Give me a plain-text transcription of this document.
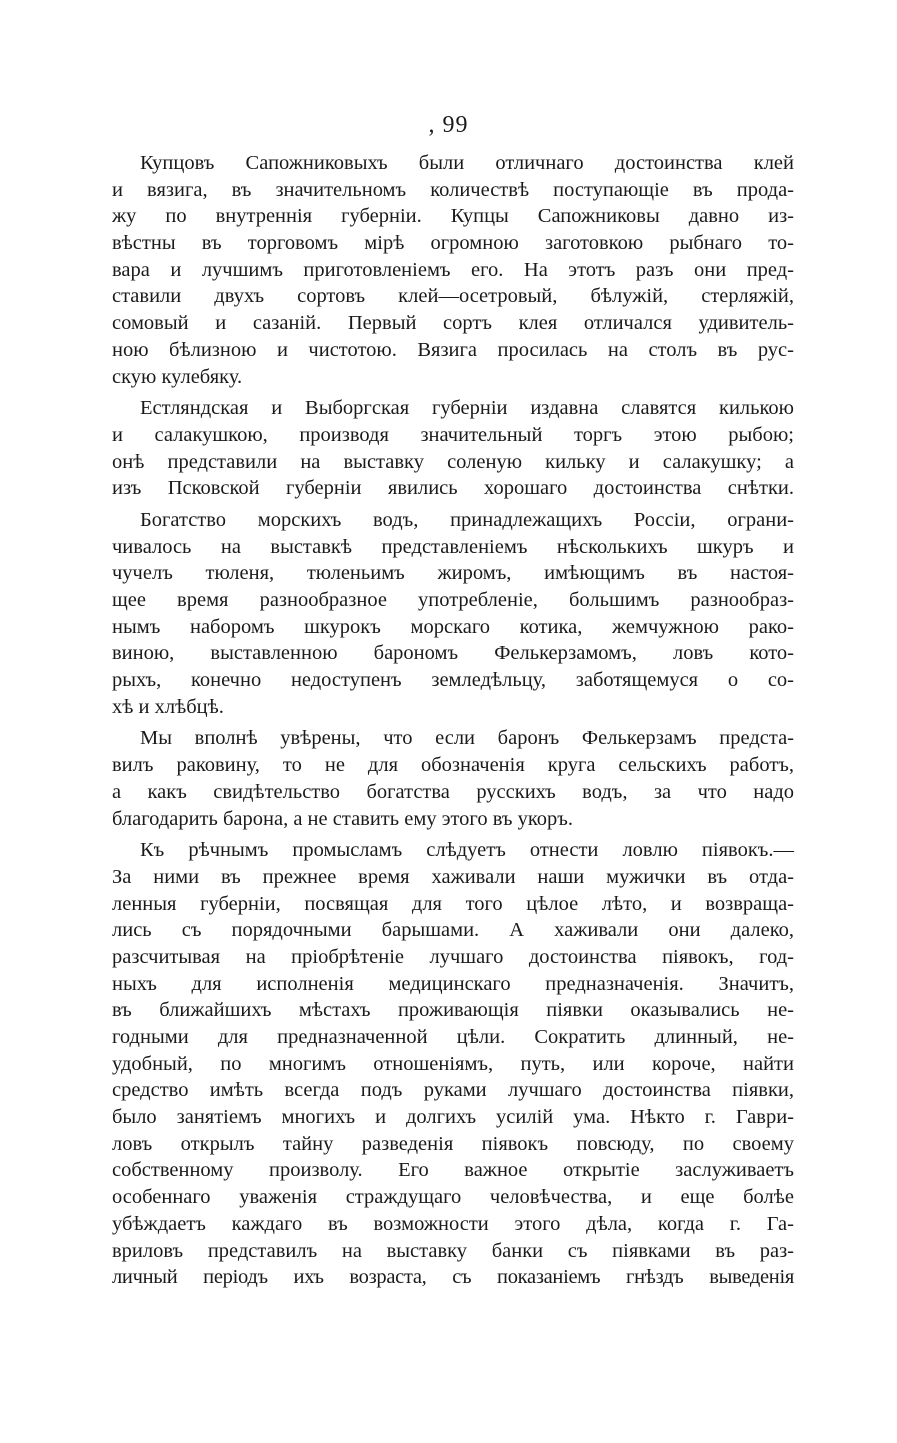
, 99
Купцовъ Сапожниковыхъ были отличнаго достоинства клей
и вязига, въ значительномъ количествѣ поступающіе въ прода-
жу по внутреннія губерніи. Купцы Сапожниковы давно из-
вѣстны въ торговомъ мірѣ огромною заготовкою рыбнаго то-
вара и лучшимъ приготовленіемъ его. На этотъ разъ они пред-
ставили двухъ сортовъ клей—осетровый, бѣлужій, стерляжій,
сомовый и сазаній. Первый сортъ клея отличался удивитель-
ною бѣлизною и чистотою. Вязига просилась на столъ въ рус-
скую кулебяку.
Естляндская и Выборгская губерніи издавна славятся килькою
и салакушкою, производя значительный торгъ этою рыбою;
онѣ представили на выставку соленую кильку и салакушку; а
изъ Псковской губерніи явились хорошаго достоинства снѣтки.
Богатство морскихъ водъ, принадлежащихъ Россіи, ограни-
чивалось на выставкѣ представленіемъ нѣсколькихъ шкуръ и
чучелъ тюленя, тюленьимъ жиромъ, имѣющимъ въ настоя-
щее время разнообразное употребленіе, большимъ разнообраз-
нымъ наборомъ шкурокъ морскаго котика, жемчужною рако-
виною, выставленною барономъ Фелькерзамомъ, ловъ кото-
рыхъ, конечно недоступенъ земледѣльцу, заботящемуся о со-
хѣ и хлѣбцѣ.
Мы вполнѣ увѣрены, что если баронъ Фелькерзамъ предста-
вилъ раковину, то не для обозначенія круга сельскихъ работъ,
а какъ свидѣтельство богатства русскихъ водъ, за что надо
благодарить барона, а не ставить ему этого въ укоръ.
Къ рѣчнымъ промысламъ слѣдуетъ отнести ловлю піявокъ.—
За ними въ прежнее время хаживали наши мужички въ отда-
ленныя губерніи, посвящая для того цѣлое лѣто, и возвраща-
лись съ порядочными барышами. А хаживали они далеко,
разсчитывая на пріобрѣтеніе лучшаго достоинства піявокъ, год-
ныхъ для исполненія медицинскаго предназначенія. Значитъ,
въ ближайшихъ мѣстахъ проживающія піявки оказывались не-
годными для предназначенной цѣли. Сократить длинный, не-
удобный, по многимъ отношеніямъ, путь, или короче, найти
средство имѣть всегда подъ руками лучшаго достоинства піявки,
было занятіемъ многихъ и долгихъ усилій ума. Нѣкто г. Гаври-
ловъ открылъ тайну разведенія піявокъ повсюду, по своему
собственному произволу. Его важное открытіе заслуживаетъ
особеннаго уваженія страждущаго человѣчества, и еще болѣе
убѣждаетъ каждаго въ возможности этого дѣла, когда г. Га-
вриловъ представилъ на выставку банки съ піявками въ раз-
личный періодъ ихъ возраста, съ показаніемъ гнѣздъ выведенія
